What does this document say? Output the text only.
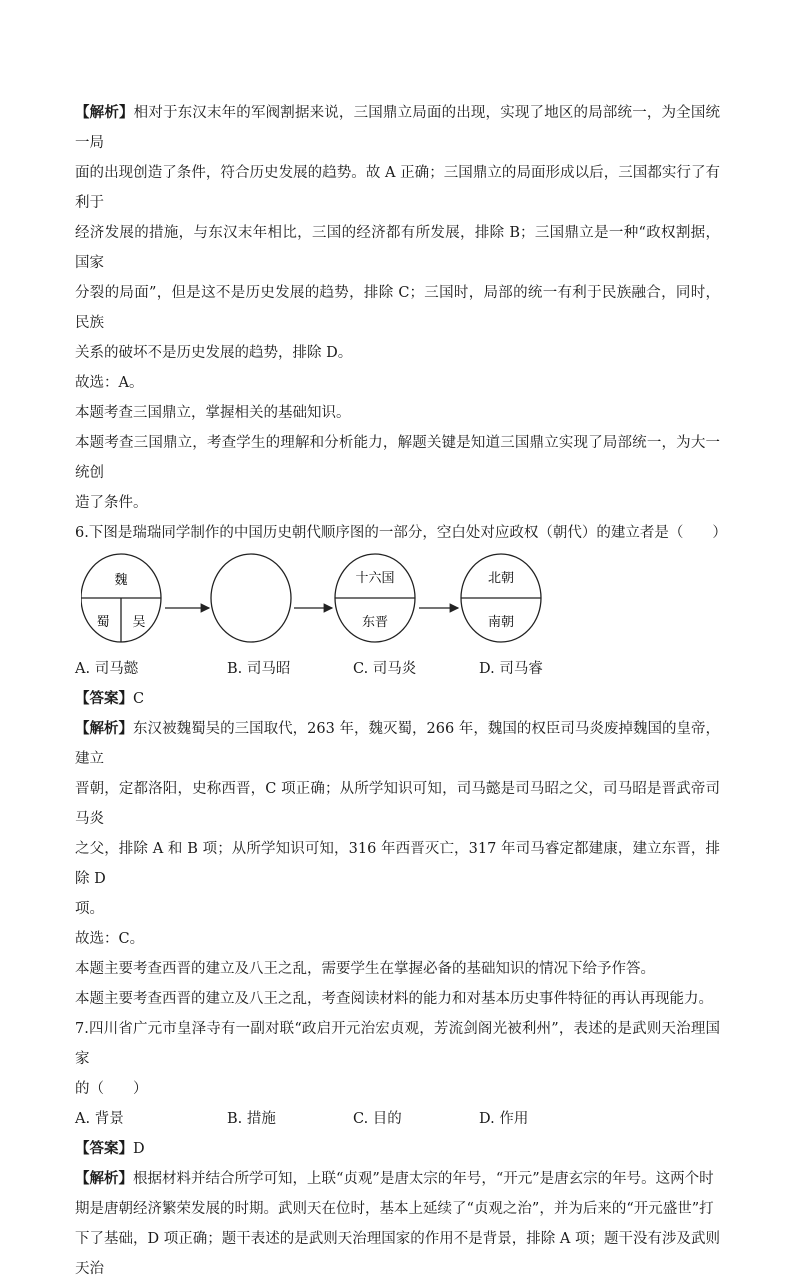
【解析】相对于东汉末年的军阀割据来说，三国鼎立局面的出现，实现了地区的局部统一，为全国统一局

面的出现创造了条件，符合历史发展的趋势。故 A 正确；三国鼎立的局面形成以后，三国都实行了有利于

经济发展的措施，与东汉末年相比，三国的经济都有所发展，排除 B；三国鼎立是一种“政权割据，国家

分裂的局面”，但是这不是历史发展的趋势，排除 C；三国时，局部的统一有利于民族融合，同时，民族

关系的破坏不是历史发展的趋势，排除 D。

故选：A。

本题考查三国鼎立，掌握相关的基础知识。

本题考查三国鼎立，考查学生的理解和分析能力，解题关键是知道三国鼎立实现了局部统一，为大一统创

造了条件。

6.下图是瑞瑞同学制作的中国历史朝代顺序图的一部分，空白处对应政权（朝代）的建立者是（　　）

魏
蜀 吴
十六国
东晋
北朝
南朝
A. 司马懿	B. 司马昭	C. 司马炎	D. 司马睿

【答案】C

【解析】东汉被魏蜀吴的三国取代，263 年，魏灭蜀，266 年，魏国的权臣司马炎废掉魏国的皇帝，建立

晋朝，定都洛阳，史称西晋，C 项正确；从所学知识可知，司马懿是司马昭之父，司马昭是晋武帝司马炎

之父，排除 A 和 B 项；从所学知识可知，316 年西晋灭亡，317 年司马睿定都建康，建立东晋，排除 D

项。

故选：C。

本题主要考查西晋的建立及八王之乱，需要学生在掌握必备的基础知识的情况下给予作答。

本题主要考查西晋的建立及八王之乱，考查阅读材料的能力和对基本历史事件特征的再认再现能力。

7.四川省广元市皇泽寺有一副对联“政启开元治宏贞观，芳流剑阁光被利州”，表述的是武则天治理国家

的（　　）

A. 背景	B. 措施	C. 目的	D. 作用

【答案】D

【解析】根据材料并结合所学可知，上联“贞观”是唐太宗的年号，“开元”是唐玄宗的年号。这两个时

期是唐朝经济繁荣发展的时期。武则天在位时，基本上延续了“贞观之治”，并为后来的“开元盛世”打

下了基础，D 项正确；题干表述的是武则天治理国家的作用不是背景，排除 A 项；题干没有涉及武则天治
